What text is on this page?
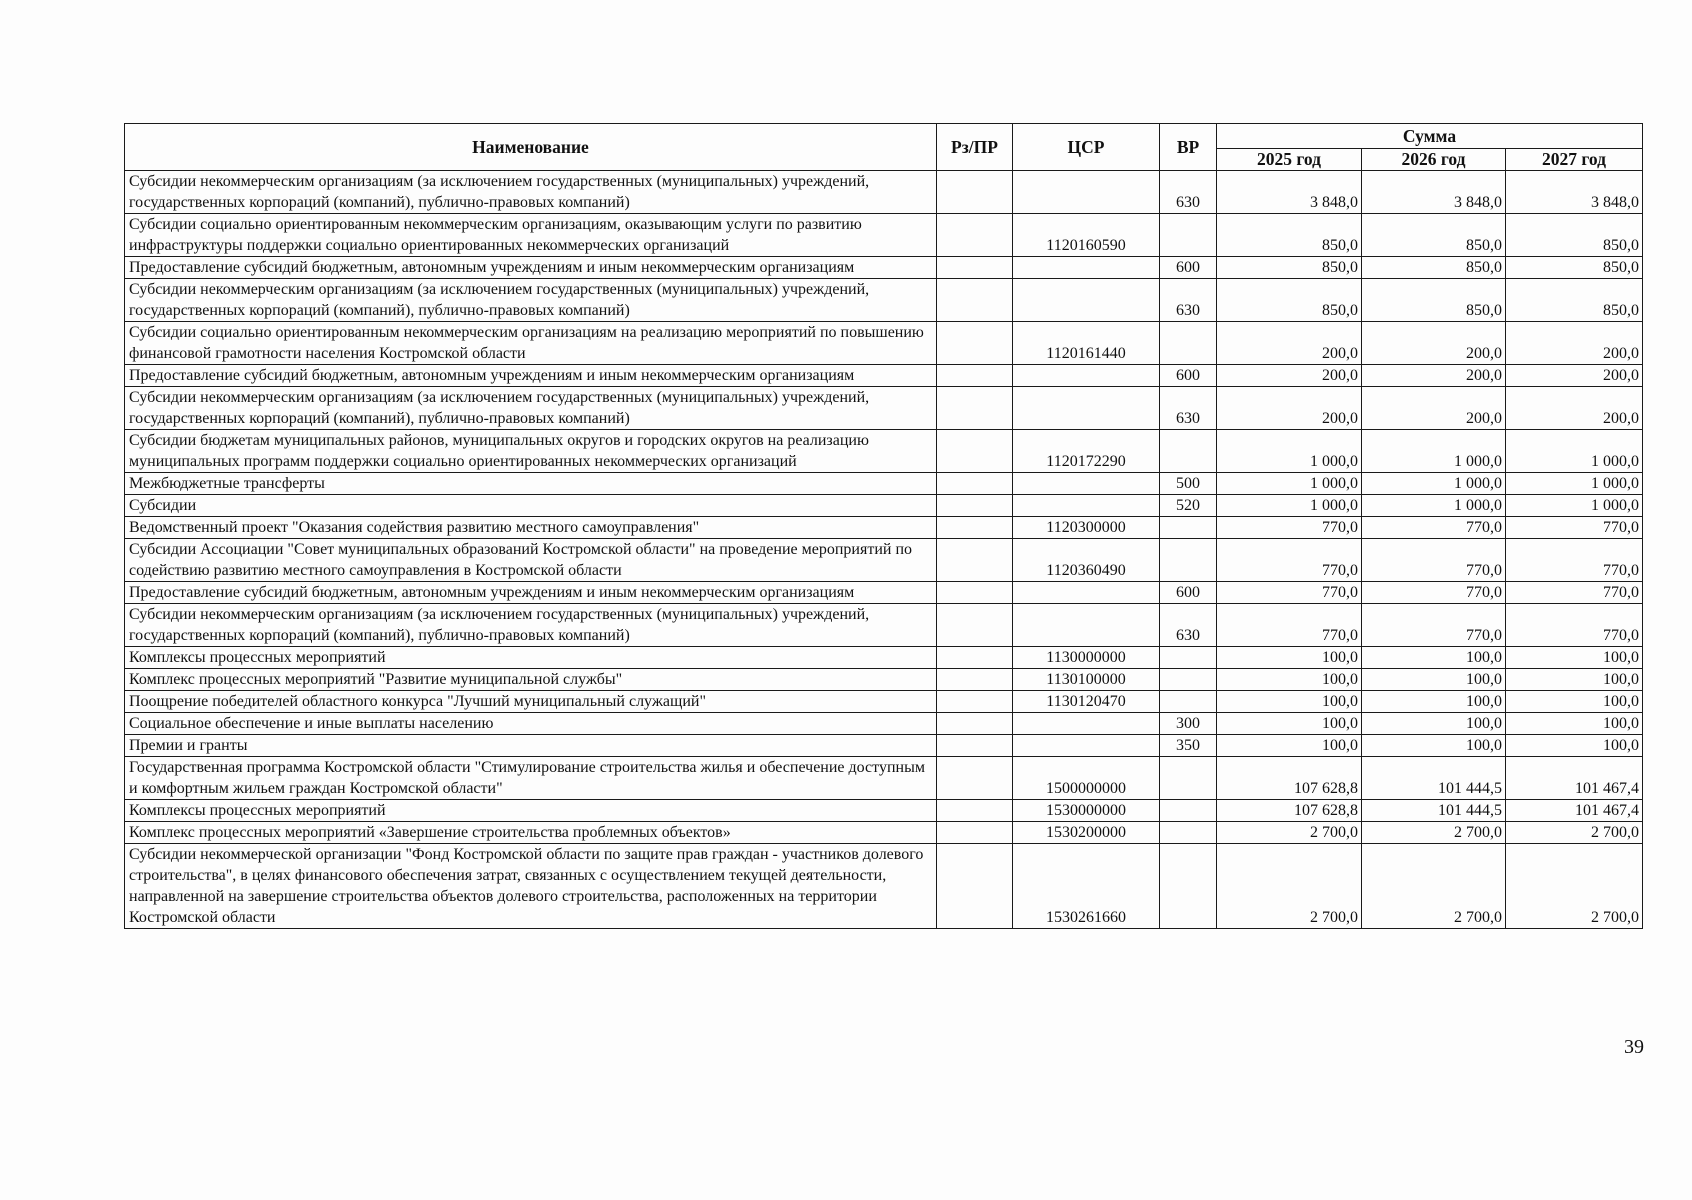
Наименование	Рз/ПР	ЦСР	ВР	Сумма		
				2025 год	2026 год	2027 год
Субсидии некоммерческим организациям (за исключением государственных (муниципальных) учреждений, государственных корпораций (компаний), публично-правовых компаний)			630	3 848,0	3 848,0	3 848,0
Субсидии социально ориентированным некоммерческим организациям, оказывающим услуги по развитию инфраструктуры поддержки социально ориентированных некоммерческих организаций		1120160590		850,0	850,0	850,0
Предоставление субсидий бюджетным, автономным учреждениям и иным некоммерческим организациям			600	850,0	850,0	850,0
Субсидии некоммерческим организациям (за исключением государственных (муниципальных) учреждений, государственных корпораций (компаний), публично-правовых компаний)			630	850,0	850,0	850,0
Субсидии социально ориентированным некоммерческим организациям на реализацию мероприятий по повышению финансовой грамотности населения Костромской области		1120161440		200,0	200,0	200,0
Предоставление субсидий бюджетным, автономным учреждениям и иным некоммерческим организациям			600	200,0	200,0	200,0
Субсидии некоммерческим организациям (за исключением государственных (муниципальных) учреждений, государственных корпораций (компаний), публично-правовых компаний)			630	200,0	200,0	200,0
Субсидии бюджетам муниципальных районов, муниципальных округов и городских округов на реализацию муниципальных программ поддержки социально ориентированных некоммерческих организаций		1120172290		1 000,0	1 000,0	1 000,0
Межбюджетные трансферты			500	1 000,0	1 000,0	1 000,0
Субсидии			520	1 000,0	1 000,0	1 000,0
Ведомственный проект "Оказания содействия развитию местного самоуправления"		1120300000		770,0	770,0	770,0
Субсидии Ассоциации "Совет муниципальных образований Костромской области" на проведение мероприятий по содействию развитию местного самоуправления в Костромской области		1120360490		770,0	770,0	770,0
Предоставление субсидий бюджетным, автономным учреждениям и иным некоммерческим организациям			600	770,0	770,0	770,0
Субсидии некоммерческим организациям (за исключением государственных (муниципальных) учреждений, государственных корпораций (компаний), публично-правовых компаний)			630	770,0	770,0	770,0
Комплексы процессных мероприятий		1130000000		100,0	100,0	100,0
Комплекс процессных мероприятий "Развитие муниципальной службы"		1130100000		100,0	100,0	100,0
Поощрение победителей областного конкурса "Лучший муниципальный служащий"		1130120470		100,0	100,0	100,0
Социальное обеспечение и иные выплаты населению			300	100,0	100,0	100,0
Премии и гранты			350	100,0	100,0	100,0
Государственная программа Костромской области "Стимулирование строительства жилья и обеспечение доступным и комфортным жильем граждан Костромской области"		1500000000		107 628,8	101 444,5	101 467,4
Комплексы процессных мероприятий		1530000000		107 628,8	101 444,5	101 467,4
Комплекс процессных мероприятий «Завершение строительства проблемных объектов»		1530200000		2 700,0	2 700,0	2 700,0
Субсидии некоммерческой организации "Фонд Костромской области по защите прав граждан - участников долевого строительства", в целях финансового обеспечения затрат, связанных с осуществлением текущей деятельности, направленной на завершение строительства объектов долевого строительства, расположенных на территории Костромской области		1530261660		2 700,0	2 700,0	2 700,0
39
